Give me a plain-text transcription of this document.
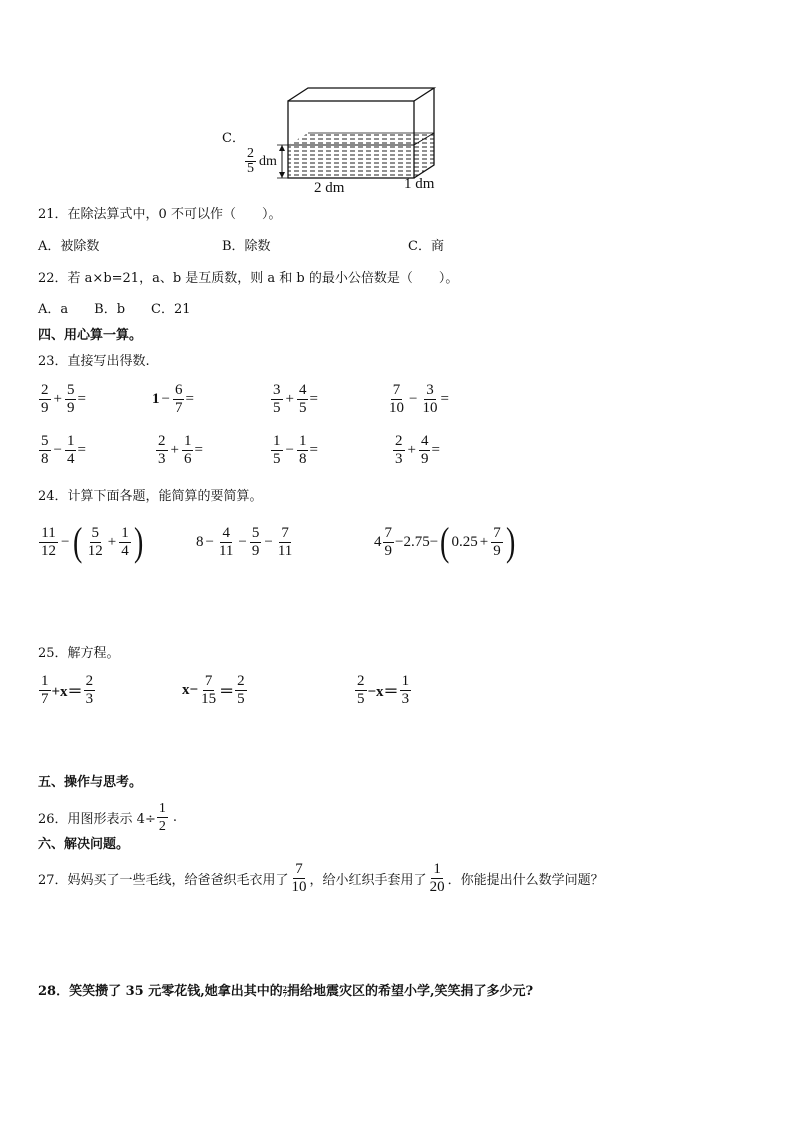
C．
$\frac{2}{5}$ dm
2 dm	1 dm
21．在除法算式中，0 不可以作（　　）。
A．被除数	B．除数	C．商
22．若 a×b=21，a、b 是互质数，则 a 和 b 的最小公倍数是（　　）。
A．a　　B．b　　C．21
四、用心算一算。
23．直接写出得数.
$\frac{2}{9} + \frac{5}{9}$ =	$1 - \frac{6}{7}$ =	$\frac{3}{5} + \frac{4}{5}$ =	$\frac{7}{10} - \frac{3}{10}$ =
$\frac{5}{8} - \frac{1}{4}$ =	$\frac{2}{3} + \frac{1}{6}$ =	$\frac{1}{5} - \frac{1}{8}$ =	$\frac{2}{3} + \frac{4}{9}$ =
24．计算下面各题，能简算的要简算。
$\frac{11}{12}$ − ( $\frac{5}{12} + \frac{1}{4}$ )	$8 - \frac{4}{11} - \frac{5}{9} - \frac{7}{11}$	$4 \frac{7}{9} -2.75-$ ( $0.25 + \frac{7}{9}$ )
25．解方程。
$\frac{1}{7} +x= \frac{2}{3}$	$x- \frac{7}{15} = \frac{2}{5}$	$\frac{2}{5} -x= \frac{1}{3}$
五、操作与思考。
26．用图形表示 $4\div \frac{1}{2}$ .
六、解决问题。
27．妈妈买了一些毛线，给爸爸织毛衣用了 $\frac{7}{10}$ ，给小红织手套用了 $\frac{1}{20}$ ．你能提出什么数学问题？
28．笑笑攒了 35 元零花钱,她拿出其中的 2
7 捐给地震灾区的希望小学,笑笑捐了多少元?
